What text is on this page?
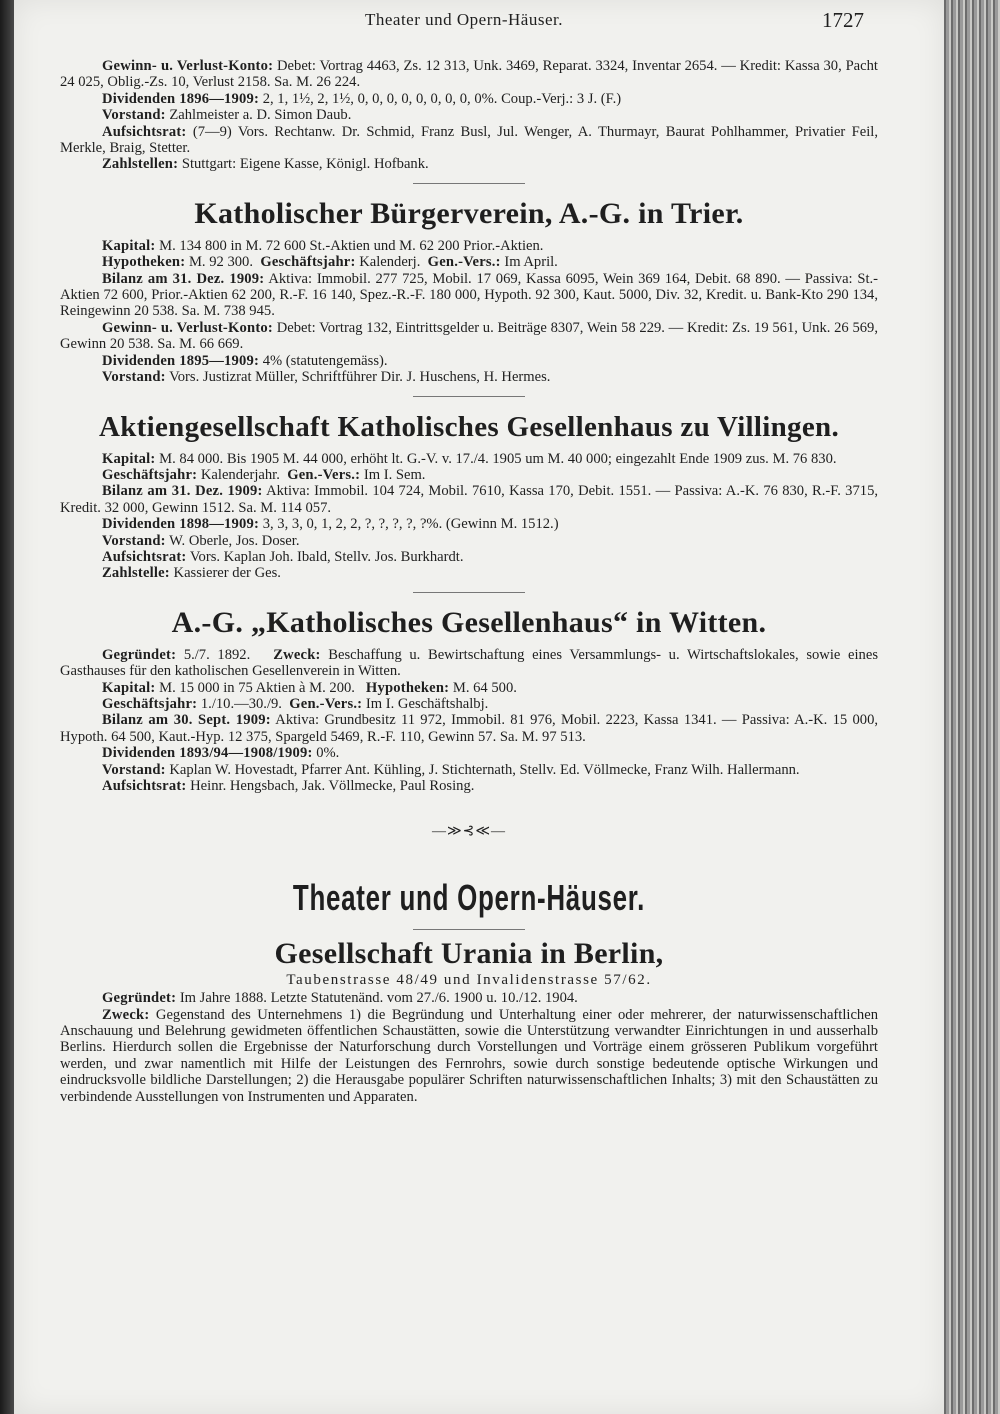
Theater und Opern-Häuser.	1727

Gewinn- u. Verlust-Konto: Debet: Vortrag 4463, Zs. 12 313, Unk. 3469, Reparat. 3324, Inventar 2654. — Kredit: Kassa 30, Pacht 24 025, Oblig.-Zs. 10, Verlust 2158. Sa. M. 26 224.

Dividenden 1896—1909: 2, 1, 1½, 2, 1½, 0, 0, 0, 0, 0, 0, 0, 0, 0%. Coup.-Verj.: 3 J. (F.)

Vorstand: Zahlmeister a. D. Simon Daub.

Aufsichtsrat: (7—9) Vors. Rechtanw. Dr. Schmid, Franz Busl, Jul. Wenger, A. Thurmayr, Baurat Pohlhammer, Privatier Feil, Merkle, Braig, Stetter.

Zahlstellen: Stuttgart: Eigene Kasse, Königl. Hofbank.

Katholischer Bürgerverein, A.-G. in Trier.

Kapital: M. 134 800 in M. 72 600 St.-Aktien und M. 62 200 Prior.-Aktien.

Hypotheken: M. 92 300. Geschäftsjahr: Kalenderj. Gen.-Vers.: Im April.

Bilanz am 31. Dez. 1909: Aktiva: Immobil. 277 725, Mobil. 17 069, Kassa 6095, Wein 369 164, Debit. 68 890. — Passiva: St.-Aktien 72 600, Prior.-Aktien 62 200, R.-F. 16 140, Spez.-R.-F. 180 000, Hypoth. 92 300, Kaut. 5000, Div. 32, Kredit. u. Bank-Kto 290 134, Reingewinn 20 538. Sa. M. 738 945.

Gewinn- u. Verlust-Konto: Debet: Vortrag 132, Eintrittsgelder u. Beiträge 8307, Wein 58 229. — Kredit: Zs. 19 561, Unk. 26 569, Gewinn 20 538. Sa. M. 66 669.

Dividenden 1895—1909: 4% (statutengemäss).

Vorstand: Vors. Justizrat Müller, Schriftführer Dir. J. Huschens, H. Hermes.

Aktiengesellschaft Katholisches Gesellenhaus zu Villingen.

Kapital: M. 84 000. Bis 1905 M. 44 000, erhöht lt. G.-V. v. 17./4. 1905 um M. 40 000; eingezahlt Ende 1909 zus. M. 76 830.

Geschäftsjahr: Kalenderjahr. Gen.-Vers.: Im I. Sem.

Bilanz am 31. Dez. 1909: Aktiva: Immobil. 104 724, Mobil. 7610, Kassa 170, Debit. 1551. — Passiva: A.-K. 76 830, R.-F. 3715, Kredit. 32 000, Gewinn 1512. Sa. M. 114 057.

Dividenden 1898—1909: 3, 3, 3, 0, 1, 2, 2, ?, ?, ?, ?, ?%. (Gewinn M. 1512.)

Vorstand: W. Oberle, Jos. Doser.

Aufsichtsrat: Vors. Kaplan Joh. Ibald, Stellv. Jos. Burkhardt.

Zahlstelle: Kassierer der Ges.

A.-G. „Katholisches Gesellenhaus“ in Witten.

Gegründet: 5./7. 1892. Zweck: Beschaffung u. Bewirtschaftung eines Versammlungs- u. Wirtschaftslokales, sowie eines Gasthauses für den katholischen Gesellenverein in Witten.

Kapital: M. 15 000 in 75 Aktien à M. 200. Hypotheken: M. 64 500.

Geschäftsjahr: 1./10.—30./9. Gen.-Vers.: Im I. Geschäftshalbj.

Bilanz am 30. Sept. 1909: Aktiva: Grundbesitz 11 972, Immobil. 81 976, Mobil. 2223, Kassa 1341. — Passiva: A.-K. 15 000, Hypoth. 64 500, Kaut.-Hyp. 12 375, Spargeld 5469, R.-F. 110, Gewinn 57. Sa. M. 97 513.

Dividenden 1893/94—1908/1909: 0%.

Vorstand: Kaplan W. Hovestadt, Pfarrer Ant. Kühling, J. Stichternath, Stellv. Ed. Völlmecke, Franz Wilh. Hallermann.

Aufsichtsrat: Heinr. Hengsbach, Jak. Völlmecke, Paul Rosing.

—≫⊰≪—
Theater und Opern-Häuser.
Gesellschaft Urania in Berlin,
Taubenstrasse 48/49 und Invalidenstrasse 57/62.

Gegründet: Im Jahre 1888. Letzte Statutenänd. vom 27./6. 1900 u. 10./12. 1904.

Zweck: Gegenstand des Unternehmens 1) die Begründung und Unterhaltung einer oder mehrerer, der naturwissenschaftlichen Anschauung und Belehrung gewidmeten öffentlichen Schaustätten, sowie die Unterstützung verwandter Einrichtungen in und ausserhalb Berlins. Hierdurch sollen die Ergebnisse der Naturforschung durch Vorstellungen und Vorträge einem grösseren Publikum vorgeführt werden, und zwar namentlich mit Hilfe der Leistungen des Fernrohrs, sowie durch sonstige bedeutende optische Wirkungen und eindrucksvolle bildliche Darstellungen; 2) die Herausgabe populärer Schriften naturwissenschaftlichen Inhalts; 3) mit den Schaustätten zu verbindende Ausstellungen von Instrumenten und Apparaten.
